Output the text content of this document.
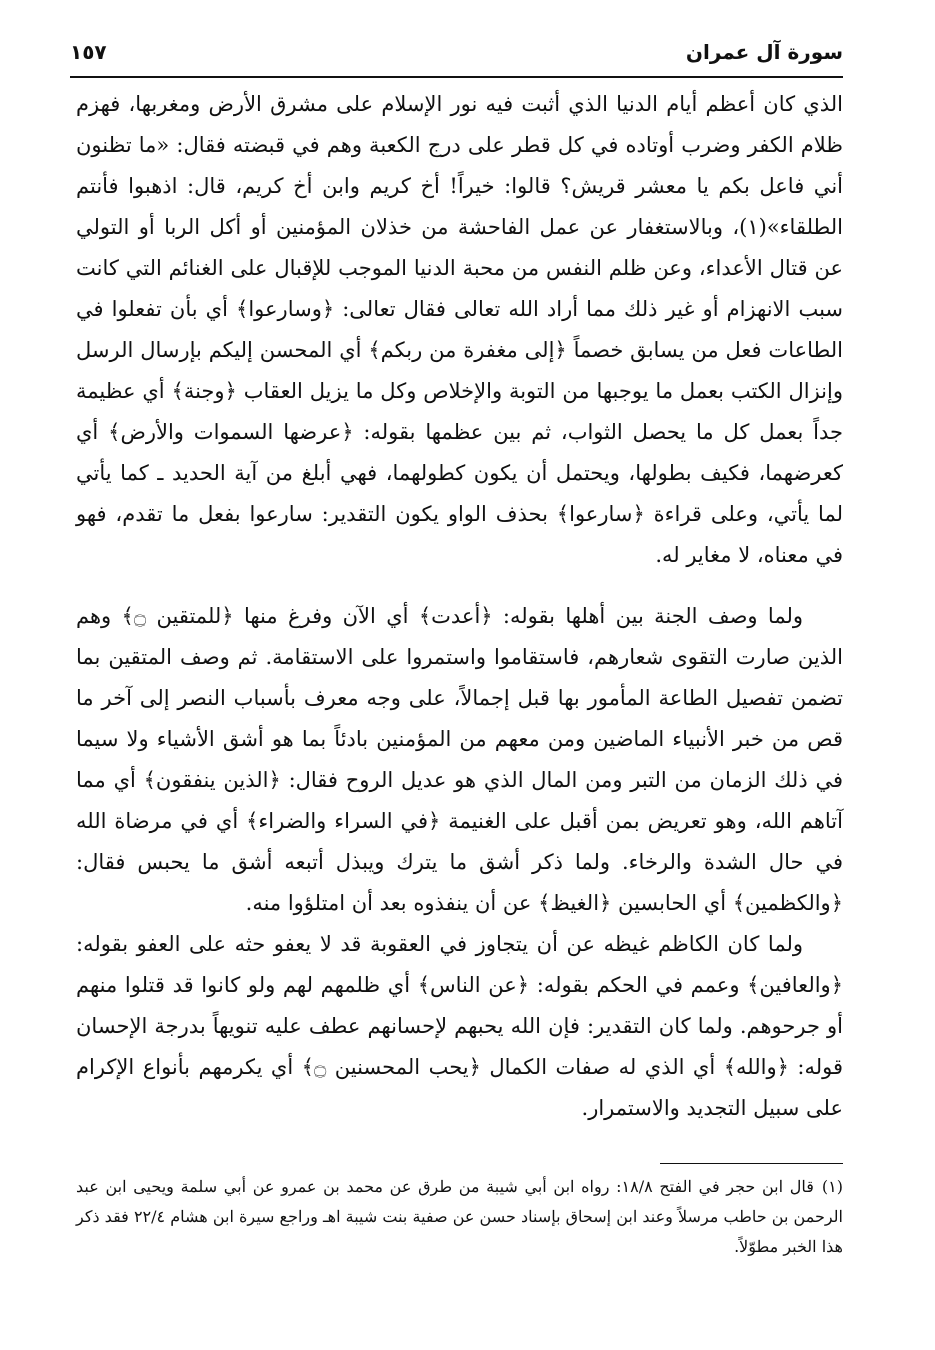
سورة آل عمران
١٥٧

الذي كان أعظم أيام الدنيا الذي أثبت فيه نور الإسلام على مشرق الأرض ومغربها، فهزم ظلام الكفر وضرب أوتاده في كل قطر على درج الكعبة وهم في قبضته فقال: «ما تظنون أني فاعل بكم يا معشر قريش؟ قالوا: خيراً! أخ كريم وابن أخ كريم، قال: اذهبوا فأنتم الطلقاء»(١)، وبالاستغفار عن عمل الفاحشة من خذلان المؤمنين أو أكل الربا أو التولي عن قتال الأعداء، وعن ظلم النفس من محبة الدنيا الموجب للإقبال على الغنائم التي كانت سبب الانهزام أو غير ذلك مما أراد الله تعالى فقال تعالى: ﴿وسارعوا﴾ أي بأن تفعلوا في الطاعات فعل من يسابق خصماً ﴿إلى مغفرة من ربكم﴾ أي المحسن إليكم بإرسال الرسل وإنزال الكتب بعمل ما يوجبها من التوبة والإخلاص وكل ما يزيل العقاب ﴿وجنة﴾ أي عظيمة جداً بعمل كل ما يحصل الثواب، ثم بين عظمها بقوله: ﴿عرضها السموات والأرض﴾ أي كعرضهما، فكيف بطولها، ويحتمل أن يكون كطولهما، فهي أبلغ من آية الحديد ـ كما يأتي لما يأتي، وعلى قراءة ﴿سارعوا﴾ بحذف الواو يكون التقدير: سارعوا بفعل ما تقدم، فهو في معناه، لا مغاير له.

ولما وصف الجنة بين أهلها بقوله: ﴿أعدت﴾ أي الآن وفرغ منها ﴿للمتقين ۝﴾ وهم الذين صارت التقوى شعارهم، فاستقاموا واستمروا على الاستقامة. ثم وصف المتقين بما تضمن تفصيل الطاعة المأمور بها قبل إجمالاً، على وجه معرف بأسباب النصر إلى آخر ما قص من خبر الأنبياء الماضين ومن معهم من المؤمنين بادئاً بما هو أشق الأشياء ولا سيما في ذلك الزمان من التبر ومن المال الذي هو عديل الروح فقال: ﴿الذين ينفقون﴾ أي مما آتاهم الله، وهو تعريض بمن أقبل على الغنيمة ﴿في السراء والضراء﴾ أي في مرضاة الله في حال الشدة والرخاء. ولما ذكر أشق ما يترك ويبذل أتبعه أشق ما يحبس فقال: ﴿والكظمين﴾ أي الحابسين ﴿الغيظ﴾ عن أن ينفذوه بعد أن امتلؤوا منه.

ولما كان الكاظم غيظه عن أن يتجاوز في العقوبة قد لا يعفو حثه على العفو بقوله: ﴿والعافين﴾ وعمم في الحكم بقوله: ﴿عن الناس﴾ أي ظلمهم لهم ولو كانوا قد قتلوا منهم أو جرحوهم. ولما كان التقدير: فإن الله يحبهم لإحسانهم عطف عليه تنويهاً بدرجة الإحسان قوله: ﴿والله﴾ أي الذي له صفات الكمال ﴿يحب المحسنين ۝﴾ أي يكرمهم بأنواع الإكرام على سبيل التجديد والاستمرار.

(١)قال ابن حجر في الفتح ١٨/٨: رواه ابن أبي شيبة من طرق عن محمد بن عمرو عن أبي سلمة ويحيى ابن عبد الرحمن بن حاطب مرسلاً وعند ابن إسحاق بإسناد حسن عن صفية بنت شيبة اهـ وراجع سيرة ابن هشام ٢٢/٤ فقد ذكر هذا الخبر مطوّلاً.
